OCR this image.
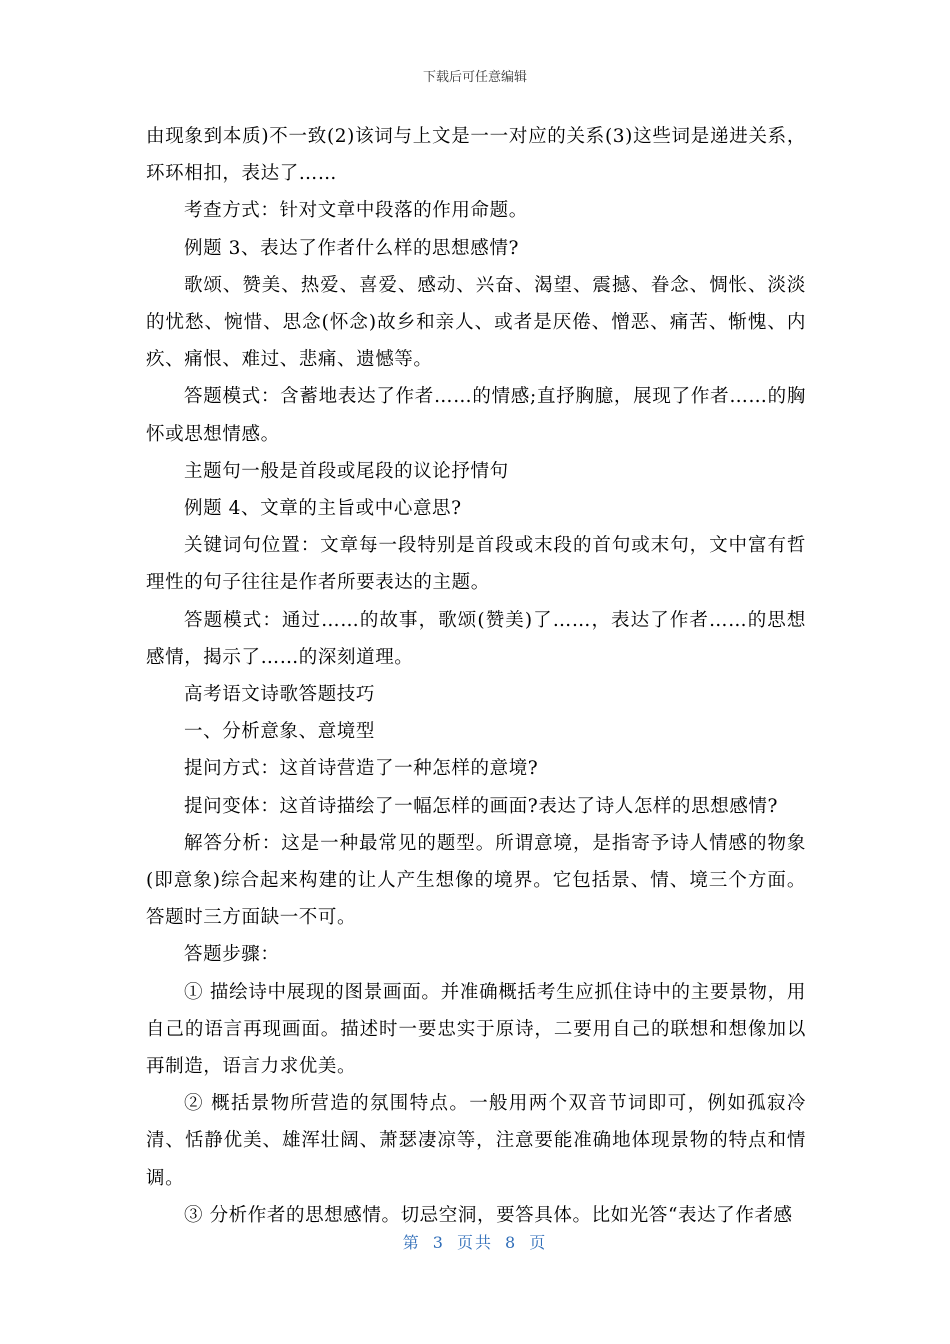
下载后可任意编辑

由现象到本质)不一致(2)该词与上文是一一对应的关系(3)这些词是递进关系，环环相扣，表达了……

考查方式：针对文章中段落的作用命题。

例题 3、表达了作者什么样的思想感情?

歌颂、赞美、热爱、喜爱、感动、兴奋、渴望、震撼、眷念、惆怅、淡淡的忧愁、惋惜、思念(怀念)故乡和亲人、或者是厌倦、憎恶、痛苦、惭愧、内疚、痛恨、难过、悲痛、遗憾等。

答题模式：含蓄地表达了作者……的情感;直抒胸臆，展现了作者……的胸怀或思想情感。

主题句一般是首段或尾段的议论抒情句

例题 4、文章的主旨或中心意思?

关键词句位置：文章每一段特别是首段或末段的首句或末句，文中富有哲理性的句子往往是作者所要表达的主题。

答题模式：通过……的故事，歌颂(赞美)了……，表达了作者……的思想感情，揭示了……的深刻道理。

高考语文诗歌答题技巧

一、分析意象、意境型

提问方式：这首诗营造了一种怎样的意境?

提问变体：这首诗描绘了一幅怎样的画面?表达了诗人怎样的思想感情?

解答分析：这是一种最常见的题型。所谓意境，是指寄予诗人情感的物象(即意象)综合起来构建的让人产生想像的境界。它包括景、情、境三个方面。答题时三方面缺一不可。

答题步骤：

① 描绘诗中展现的图景画面。并准确概括考生应抓住诗中的主要景物，用自己的语言再现画面。描述时一要忠实于原诗，二要用自己的联想和想像加以再制造，语言力求优美。

② 概括景物所营造的氛围特点。一般用两个双音节词即可，例如孤寂冷清、恬静优美、雄浑壮阔、萧瑟凄凉等，注意要能准确地体现景物的特点和情调。

③ 分析作者的思想感情。切忌空洞，要答具体。比如光答“表达了作者感

第 3 页共 8 页
